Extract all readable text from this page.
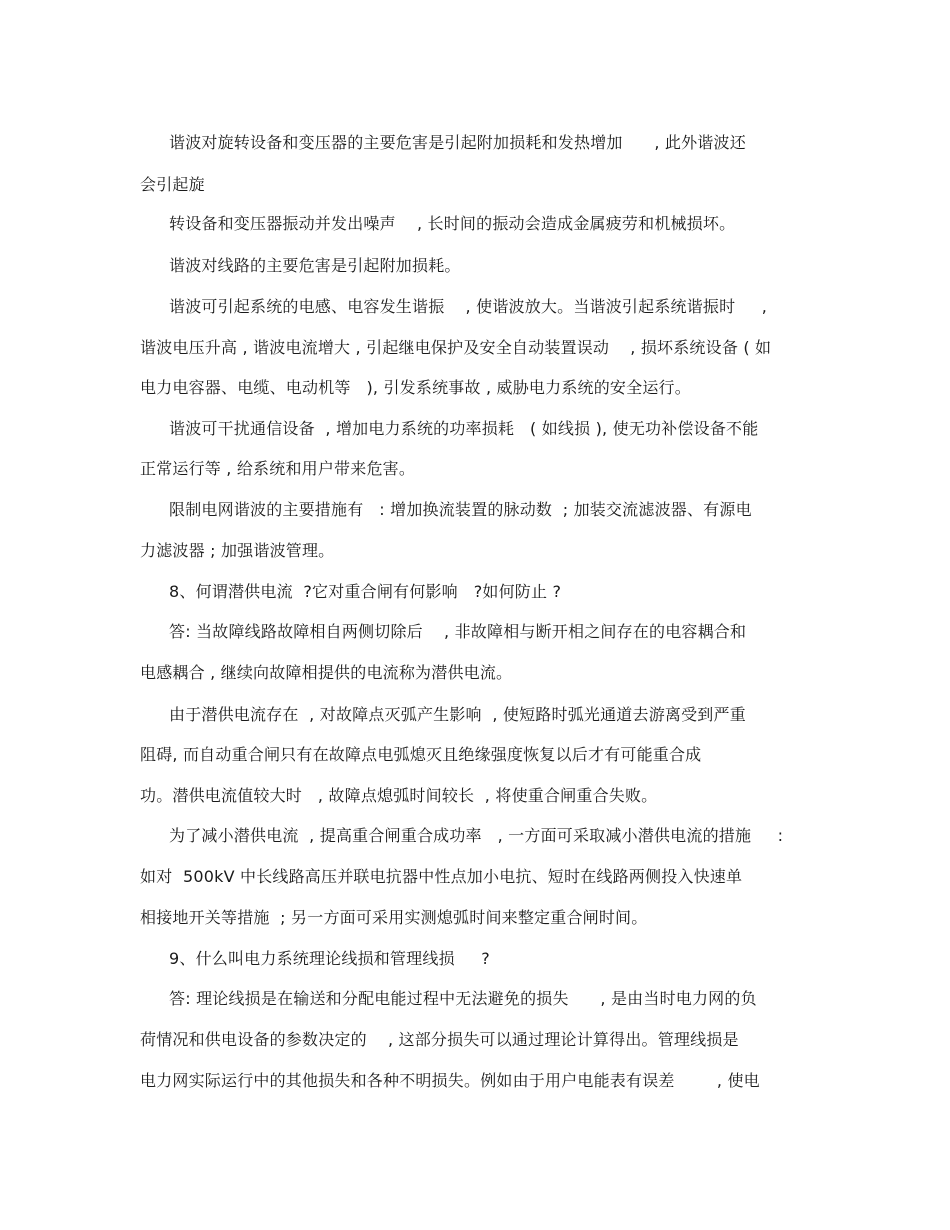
谐波对旋转设备和变压器的主要危害是引起附加损耗和发热增加      , 此外谐波还
会引起旋
转设备和变压器振动并发出噪声    , 长时间的振动会造成金属疲劳和机械损坏。
谐波对线路的主要危害是引起附加损耗。
谐波可引起系统的电感、电容发生谐振    , 使谐波放大。当谐波引起系统谐振时     ,
谐波电压升高 , 谐波电流增大 , 引起继电保护及安全自动装置误动    , 损坏系统设备 ( 如
电力电容器、电缆、电动机等   ), 引发系统事故 , 威胁电力系统的安全运行。
谐波可干扰通信设备  , 增加电力系统的功率损耗   ( 如线损 ), 使无功补偿设备不能
正常运行等 , 给系统和用户带来危害。
限制电网谐波的主要措施有   : 增加换流装置的脉动数  ; 加装交流滤波器、有源电
力滤波器 ; 加强谐波管理。
8、何谓潜供电流  ?它对重合闸有何影响   ?如何防止 ?
答: 当故障线路故障相自两侧切除后    , 非故障相与断开相之间存在的电容耦合和
电感耦合 , 继续向故障相提供的电流称为潜供电流。
由于潜供电流存在  , 对故障点灭弧产生影响  , 使短路时弧光通道去游离受到严重
阻碍, 而自动重合闸只有在故障点电弧熄灭且绝缘强度恢复以后才有可能重合成
功。潜供电流值较大时   , 故障点熄弧时间较长  , 将使重合闸重合失败。
为了减小潜供电流  , 提高重合闸重合成功率   , 一方面可采取减小潜供电流的措施     :
如对  500kV 中长线路高压并联电抗器中性点加小电抗、短时在线路两侧投入快速单
相接地开关等措施  ; 另一方面可采用实测熄弧时间来整定重合闸时间。
9、什么叫电力系统理论线损和管理线损     ?
答: 理论线损是在输送和分配电能过程中无法避免的损失      , 是由当时电力网的负
荷情况和供电设备的参数决定的    , 这部分损失可以通过理论计算得出。管理线损是
电力网实际运行中的其他损失和各种不明损失。例如由于用户电能表有误差        , 使电
